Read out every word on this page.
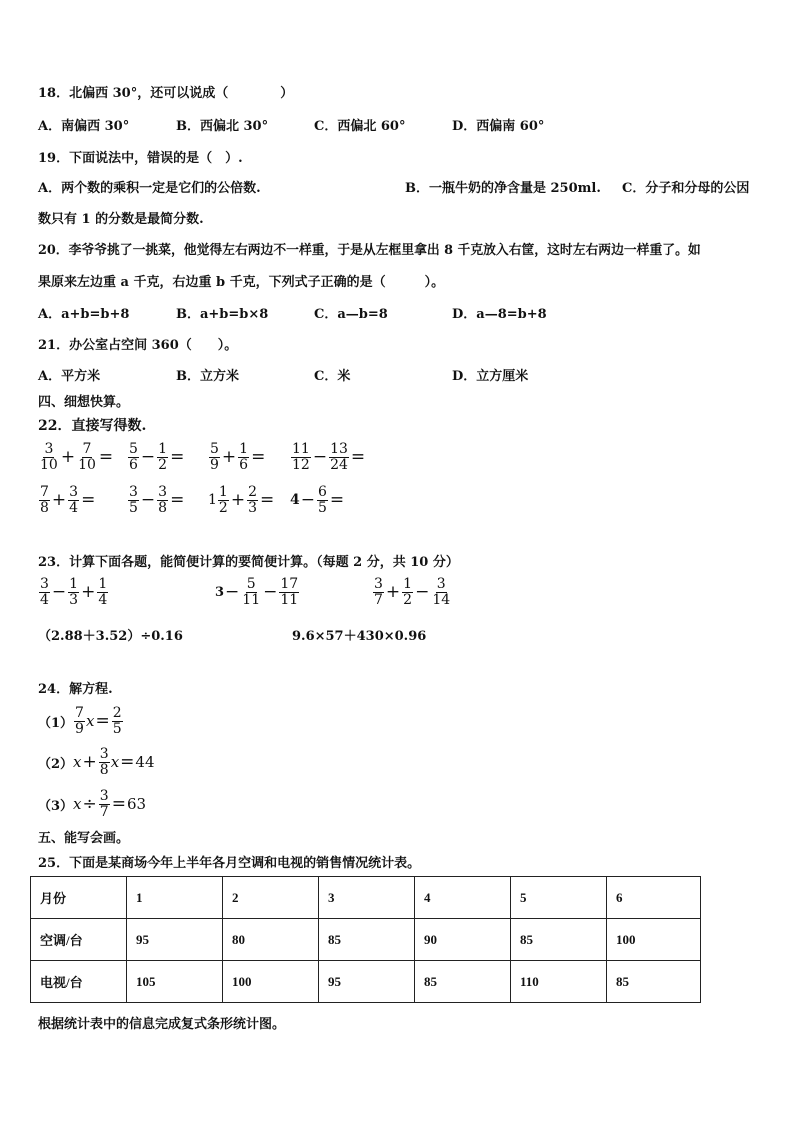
18．北偏西 30°，还可以说成（　　　　）
A．南偏西 30°	B．西偏北 30°	C．西偏北 60°	D．西偏南 60°
19．下面说法中，错误的是（　）.
A．两个数的乘积一定是它们的公倍数.	B．一瓶牛奶的净含量是 250ml. C．分子和分母的公因
数只有 1 的分数是最简分数.
20．李爷爷挑了一挑菜，他觉得左右两边不一样重，于是从左框里拿出 8 千克放入右筐，这时左右两边一样重了。如
果原来左边重 a 千克，右边重 b 千克，下列式子正确的是（　　　）。
A．a+b=b+8	B．a+b=b×8	C．a—b=8	D．a—8=b+8
21．办公室占空间 360（　　）。
A．平方米	B．立方米	C．米	D．立方厘米
四、细想快算。
22．直接写得数.
$\frac{3}{10} + \frac{7}{10} = \frac{5}{6} - \frac{1}{2} = \frac{5}{9} + \frac{1}{6} = \frac{11}{12} - \frac{13}{24}$ =
$\frac{7}{8} + \frac{3}{4} = \frac{3}{5} - \frac{3}{8} = 1 \frac{1}{2} + \frac{2}{3} = 4 - \frac{6}{5}$ =
23．计算下面各题，能简便计算的要简便计算。（每题 2 分，共 10 分）
$\frac{3}{4} - \frac{1}{3} + \frac{1}{4}$	$3 - \frac{5}{11} - \frac{17}{11}$	$\frac{3}{7} + \frac{1}{2} - \frac{3}{14}$
（2.88＋3.52）÷0.16	9.6×57＋430×0.96
24．解方程.
$(1) \frac{7}{9}$ $x = \frac{2}{5}$
（2） $x + \frac{3}{8}$ x = 44
（3） $x \div \frac{3}{7} = 63$
五、能写会画。
25．下面是某商场今年上半年各月空调和电视的销售情况统计表。
月份	1	2	3	4	5	6
空调/台	95	80	85	90	85	100
电视/台	105	100	95	85	110	85
根据统计表中的信息完成复式条形统计图。
